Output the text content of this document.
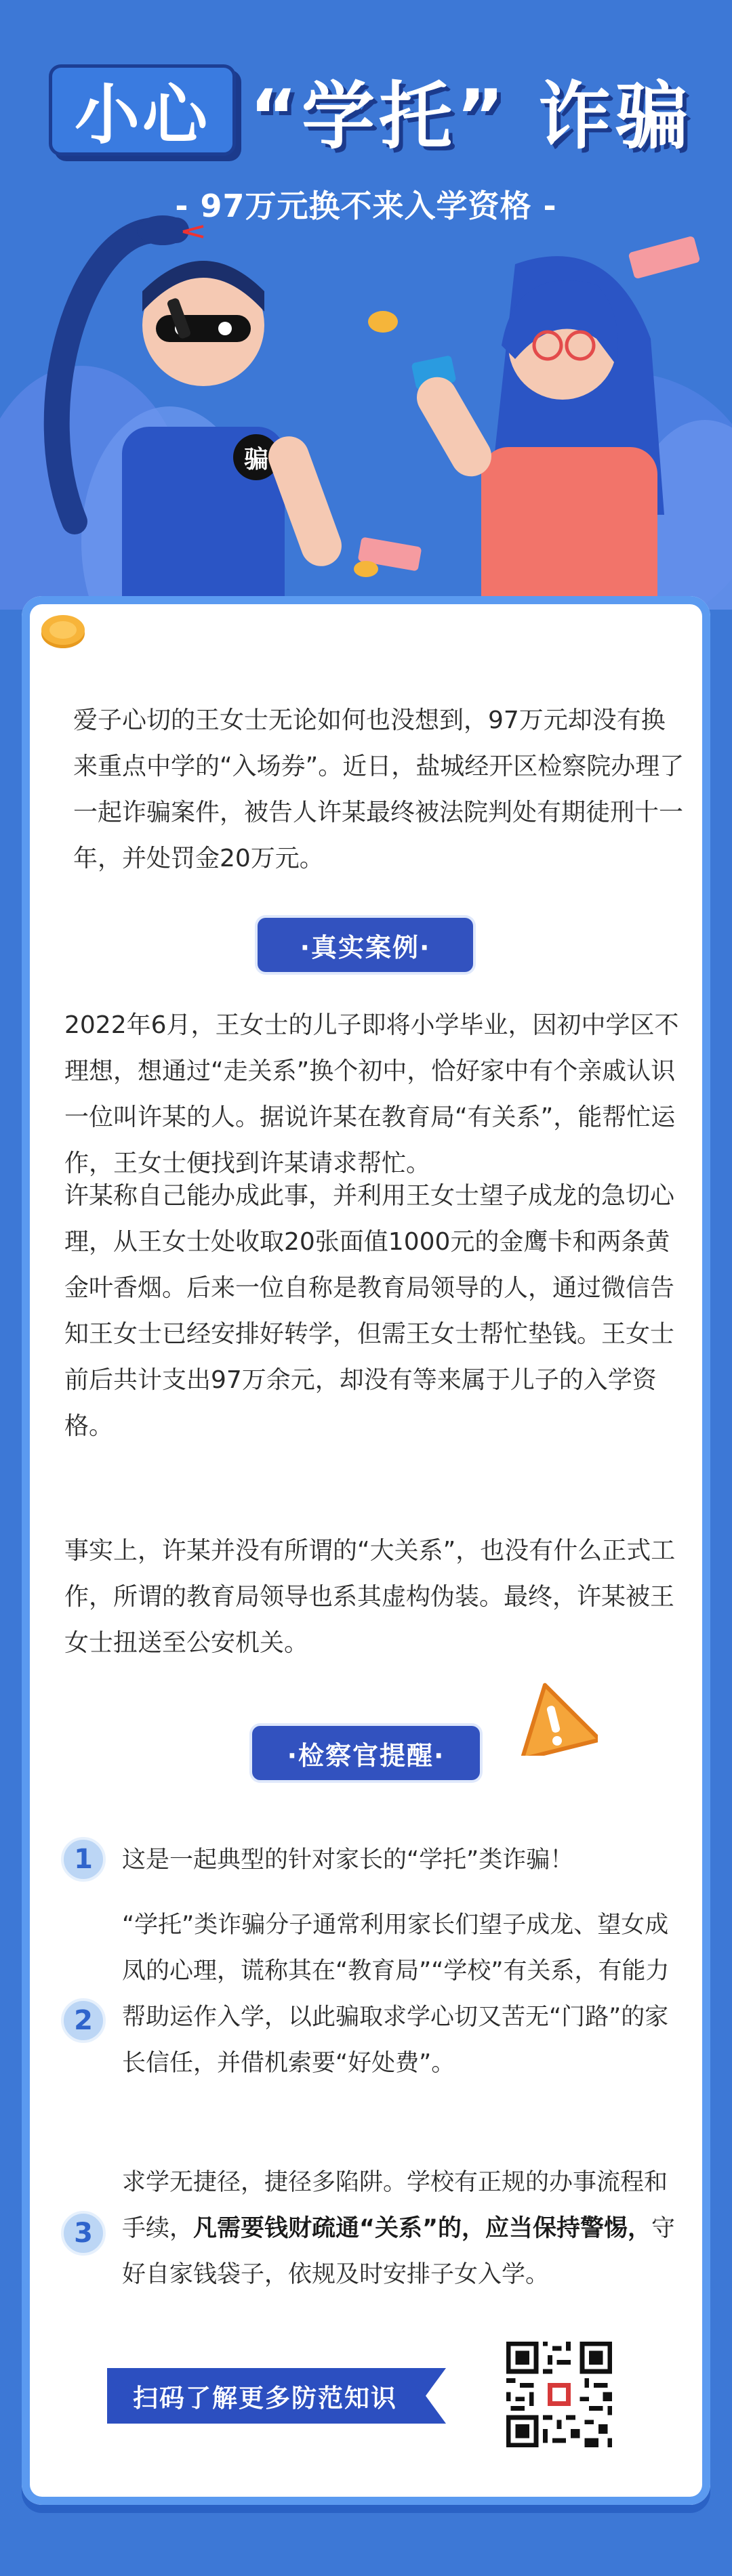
小心 “学托” 诈骗
- 97万元换不来入学资格 -
骗

爱子心切的王女士无论如何也没想到，97万元却没有换来重点中学的“入场券”。近日，盐城经开区检察院办理了一起诈骗案件，被告人许某最终被法院判处有期徒刑十一年，并处罚金20万元。

·真实案例·

2022年6月，王女士的儿子即将小学毕业，因初中学区不理想，想通过“走关系”换个初中，恰好家中有个亲戚认识一位叫许某的人。据说许某在教育局“有关系”，能帮忙运作，王女士便找到许某请求帮忙。

许某称自己能办成此事，并利用王女士望子成龙的急切心理，从王女士处收取20张面值1000元的金鹰卡和两条黄金叶香烟。后来一位自称是教育局领导的人，通过微信告知王女士已经安排好转学，但需王女士帮忙垫钱。王女士前后共计支出97万余元，却没有等来属于儿子的入学资格。

事实上，许某并没有所谓的“大关系”，也没有什么正式工作，所谓的教育局领导也系其虚构伪装。最终，许某被王女士扭送至公安机关。

·检察官提醒·
1	这是一起典型的针对家长的“学托”类诈骗！

2

“学托”类诈骗分子通常利用家长们望子成龙、望女成凤的心理，谎称其在“教育局”“学校”有关系，有能力帮助运作入学，以此骗取求学心切又苦无“门路”的家长信任，并借机索要“好处费”。

3

求学无捷径，捷径多陷阱。学校有正规的办事流程和手续，凡需要钱财疏通“关系”的，应当保持警惕，守好自家钱袋子，依规及时安排子女入学。

扫码了解更多防范知识
